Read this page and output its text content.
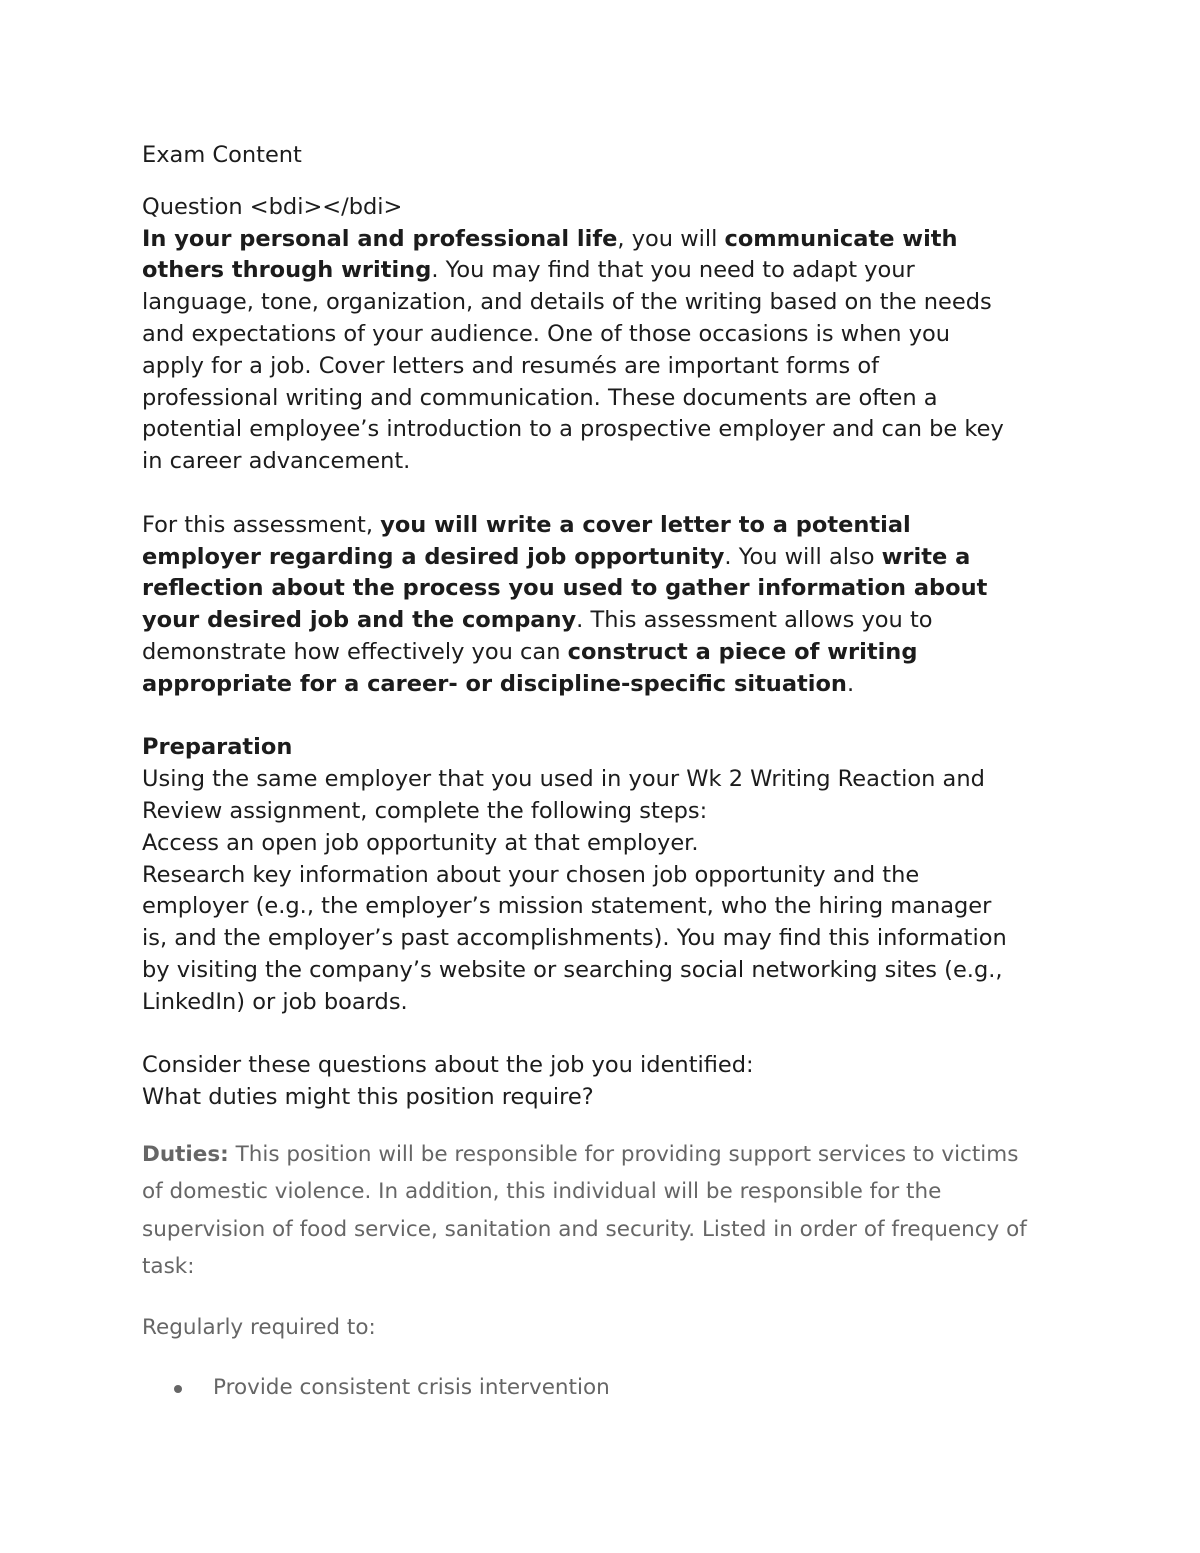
Exam Content
Question <bdi></bdi>
In your personal and professional life, you will communicate with
others through writing. You may find that you need to adapt your
language, tone, organization, and details of the writing based on the needs
and expectations of your audience. One of those occasions is when you
apply for a job. Cover letters and resumés are important forms of
professional writing and communication. These documents are often a
potential employee’s introduction to a prospective employer and can be key
in career advancement.
For this assessment, you will write a cover letter to a potential
employer regarding a desired job opportunity. You will also write a
reflection about the process you used to gather information about
your desired job and the company. This assessment allows you to
demonstrate how effectively you can construct a piece of writing
appropriate for a career- or discipline-specific situation.
Preparation
Using the same employer that you used in your Wk 2 Writing Reaction and
Review assignment, complete the following steps:
Access an open job opportunity at that employer.
Research key information about your chosen job opportunity and the
employer (e.g., the employer’s mission statement, who the hiring manager
is, and the employer’s past accomplishments). You may find this information
by visiting the company’s website or searching social networking sites (e.g.,
LinkedIn) or job boards.
Consider these questions about the job you identified:
What duties might this position require?
Duties: This position will be responsible for providing support services to victims
of domestic violence. In addition, this individual will be responsible for the
supervision of food service, sanitation and security. Listed in order of frequency of
task:
Regularly required to:
Provide consistent crisis intervention
